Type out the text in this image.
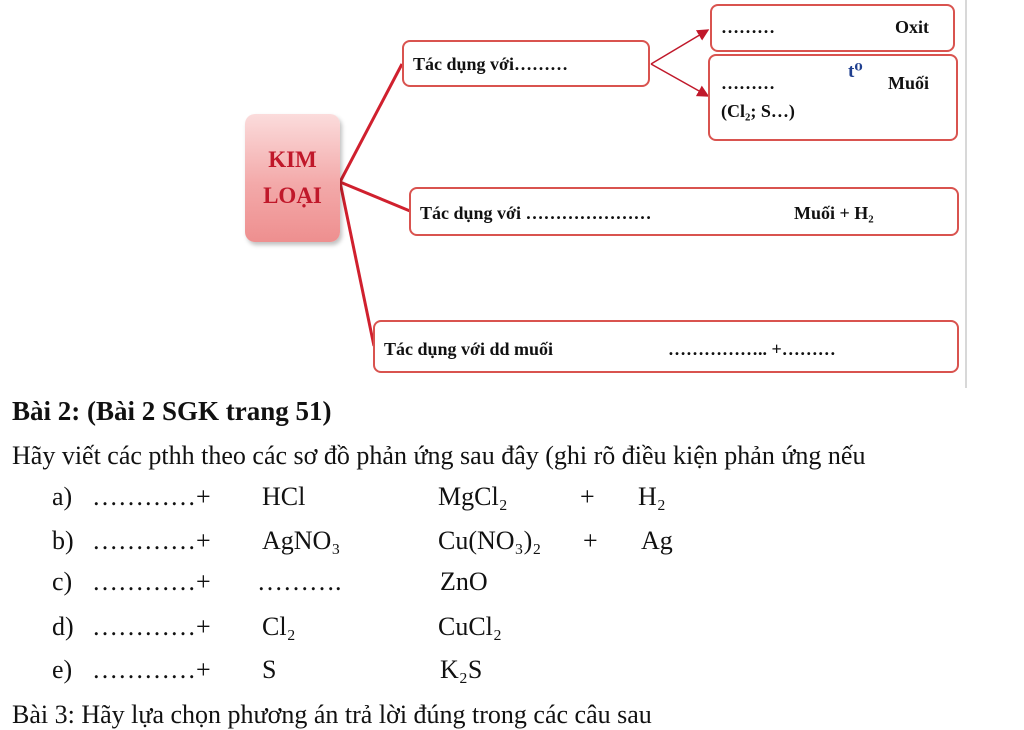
KIM
LOẠI
Tác dụng với………
………	Oxit
………
t⁰
Muối
(Cl₂; S…)
Tác dụng với …………………	Muối + H₂
Tác dụng với dd muối	…………….. +………
Bài 2: (Bài 2 SGK trang 51)
Hãy viết các pthh theo các sơ đồ phản ứng sau đây (ghi rõ điều kiện phản ứng nếu
a) …………+ HCl	MgCl₂	+ H₂
b) …………+ AgNO₃	Cu(NO₃)₂ + Ag
c) …………+ ……….	ZnO
d) …………+ Cl₂	CuCl₂
e) …………+ S	K₂S
Bài 3: Hãy lựa chọn phương án trả lời đúng trong các câu sau
